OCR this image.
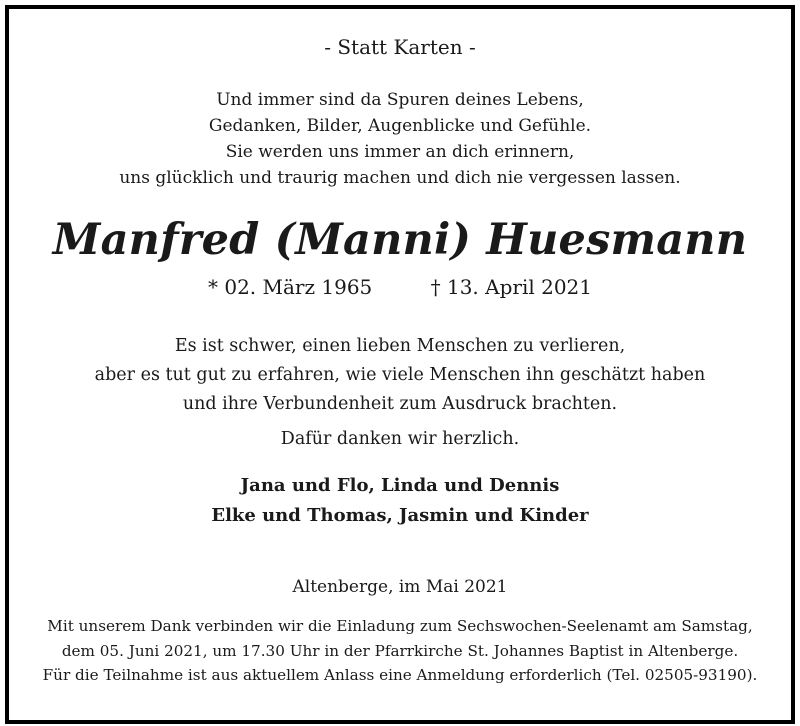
- Statt Karten -
Und immer sind da Spuren deines Lebens,
Gedanken, Bilder, Augenblicke und Gefühle.
Sie werden uns immer an dich erinnern,
uns glücklich und traurig machen und dich nie vergessen lassen.
Manfred (Manni) Huesmann
* 02. März 1965	† 13. April 2021
Es ist schwer, einen lieben Menschen zu verlieren,
aber es tut gut zu erfahren, wie viele Menschen ihn geschätzt haben
und ihre Verbundenheit zum Ausdruck brachten.
Dafür danken wir herzlich.
Jana und Flo, Linda und Dennis
Elke und Thomas, Jasmin und Kinder
Altenberge, im Mai 2021
Mit unserem Dank verbinden wir die Einladung zum Sechswochen-Seelenamt am Samstag,
dem 05. Juni 2021, um 17.30 Uhr in der Pfarrkirche St. Johannes Baptist in Altenberge.
Für die Teilnahme ist aus aktuellem Anlass eine Anmeldung erforderlich (Tel. 02505-93190).
